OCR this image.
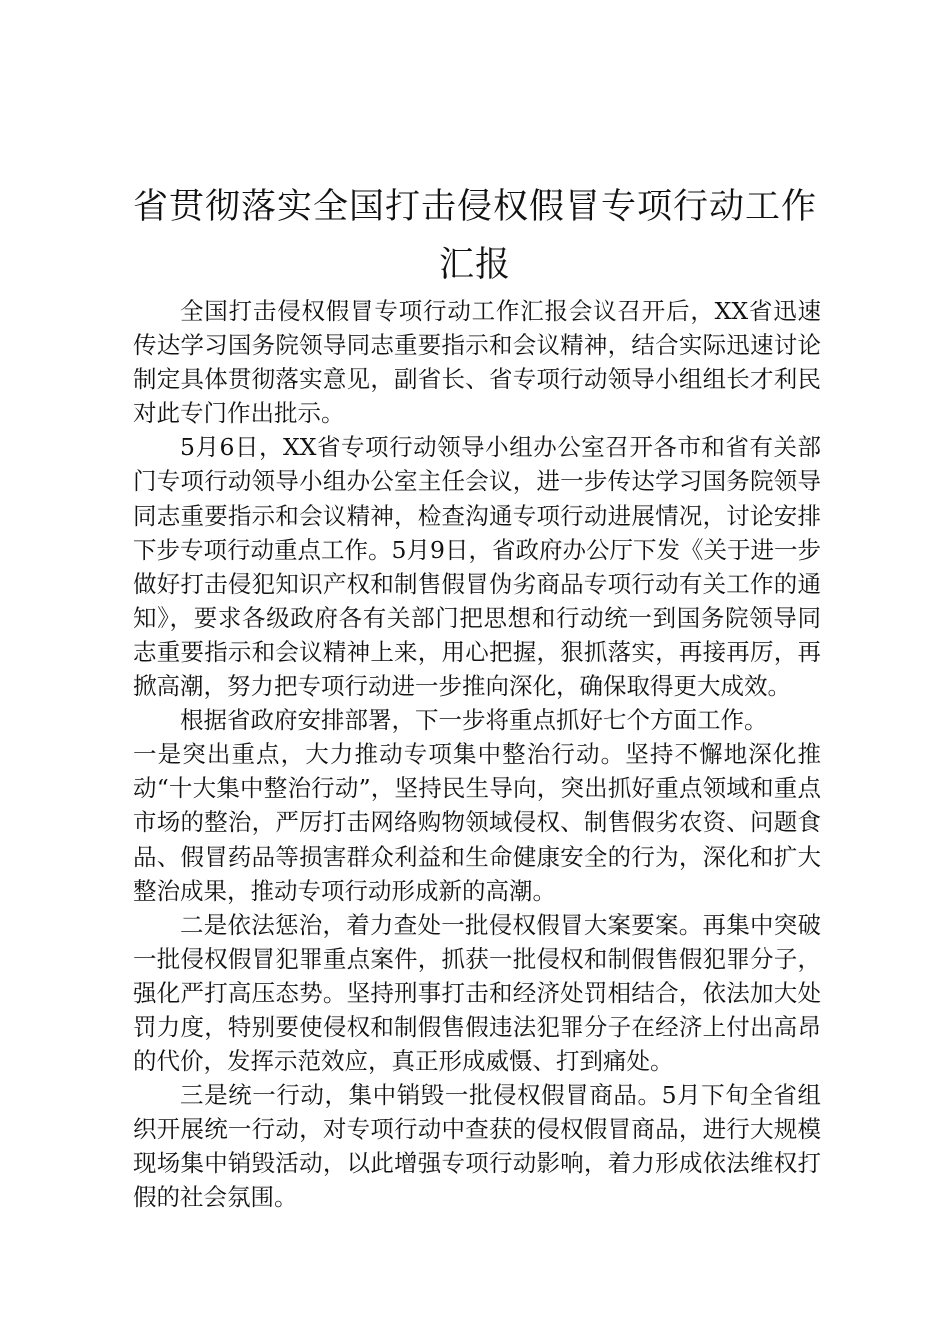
省贯彻落实全国打击侵权假冒专项行动工作汇报

全国打击侵权假冒专项行动工作汇报会议召开后，XX省迅速传达学习国务院领导同志重要指示和会议精神，结合实际迅速讨论制定具体贯彻落实意见，副省长、省专项行动领导小组组长才利民对此专门作出批示。

5月6日，XX省专项行动领导小组办公室召开各市和省有关部门专项行动领导小组办公室主任会议，进一步传达学习国务院领导同志重要指示和会议精神，检查沟通专项行动进展情况，讨论安排下步专项行动重点工作。5月9日，省政府办公厅下发《关于进一步做好打击侵犯知识产权和制售假冒伪劣商品专项行动有关工作的通知》，要求各级政府各有关部门把思想和行动统一到国务院领导同志重要指示和会议精神上来，用心把握，狠抓落实，再接再厉，再掀高潮，努力把专项行动进一步推向深化，确保取得更大成效。

根据省政府安排部署，下一步将重点抓好七个方面工作。

一是突出重点，大力推动专项集中整治行动。坚持不懈地深化推动“十大集中整治行动”，坚持民生导向，突出抓好重点领域和重点市场的整治，严厉打击网络购物领域侵权、制售假劣农资、问题食品、假冒药品等损害群众利益和生命健康安全的行为，深化和扩大整治成果，推动专项行动形成新的高潮。

二是依法惩治，着力查处一批侵权假冒大案要案。再集中突破一批侵权假冒犯罪重点案件，抓获一批侵权和制假售假犯罪分子，强化严打高压态势。坚持刑事打击和经济处罚相结合，依法加大处罚力度，特别要使侵权和制假售假违法犯罪分子在经济上付出高昂的代价，发挥示范效应，真正形成威慑、打到痛处。

三是统一行动，集中销毁一批侵权假冒商品。5月下旬全省组织开展统一行动，对专项行动中查获的侵权假冒商品，进行大规模现场集中销毁活动，以此增强专项行动影响，着力形成依法维权打假的社会氛围。
